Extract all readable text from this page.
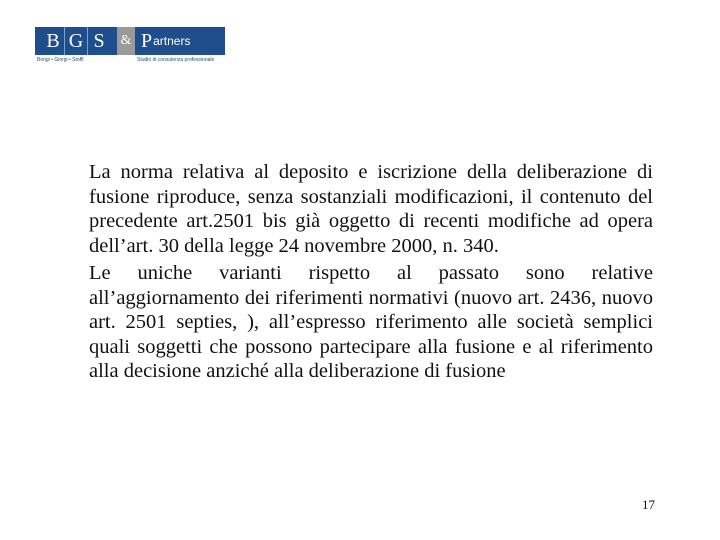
B G S	& P artners
Bongi • Giorgi • Stoffl	Studio di consulenza professionale

La norma relativa al deposito e iscrizione della deliberazione di fusione riproduce, senza sostanziali modificazioni, il contenuto del precedente art.2501 bis già oggetto di recenti modifiche ad opera dell’art. 30 della legge 24 novembre 2000, n. 340.

Le uniche varianti rispetto al passato sono relative all’aggiornamento dei riferimenti normativi (nuovo art. 2436, nuovo art. 2501 septies, ), all’espresso riferimento alle società semplici quali soggetti che possono partecipare alla fusione e al riferimento alla decisione anziché alla deliberazione di fusione

17
